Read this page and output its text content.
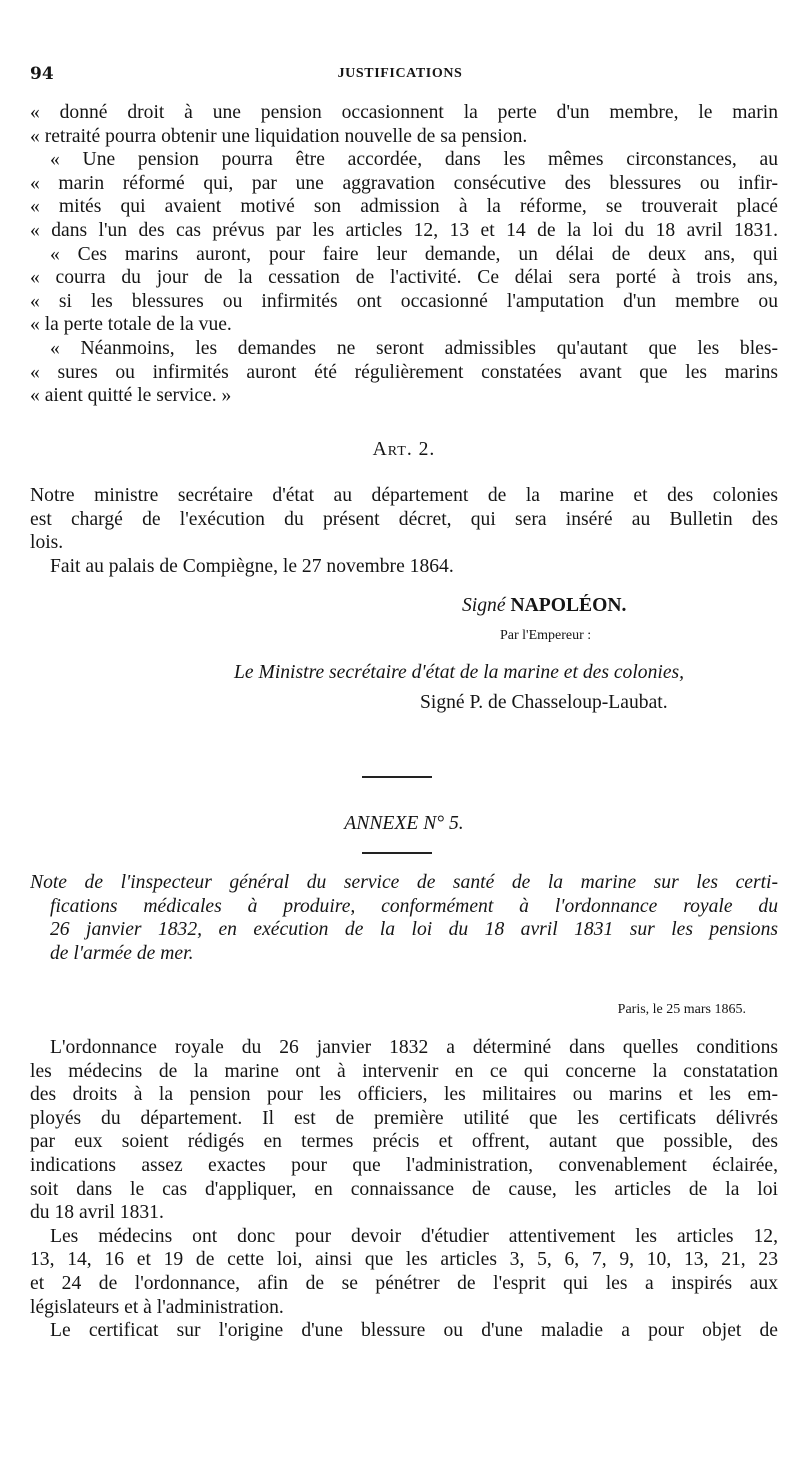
94	JUSTIFICATIONS
« donné droit à une pension occasionnent la perte d'un membre, le marin
« retraité pourra obtenir une liquidation nouvelle de sa pension.
« Une pension pourra être accordée, dans les mêmes circonstances, au
« marin réformé qui, par une aggravation consécutive des blessures ou infir-
« mités qui avaient motivé son admission à la réforme, se trouverait placé
« dans l'un des cas prévus par les articles 12, 13 et 14 de la loi du 18 avril 1831.
« Ces marins auront, pour faire leur demande, un délai de deux ans, qui
« courra du jour de la cessation de l'activité. Ce délai sera porté à trois ans,
« si les blessures ou infirmités ont occasionné l'amputation d'un membre ou
« la perte totale de la vue.
« Néanmoins, les demandes ne seront admissibles qu'autant que les bles-
« sures ou infirmités auront été régulièrement constatées avant que les marins
« aient quitté le service. »
Art. 2.
Notre ministre secrétaire d'état au département de la marine et des colonies
est chargé de l'exécution du présent décret, qui sera inséré au Bulletin des
lois.
Fait au palais de Compiègne, le 27 novembre 1864.
Signé NAPOLÉON.
Par l'Empereur :
Le Ministre secrétaire d'état de la marine et des colonies,
Signé P. de Chasseloup-Laubat.
ANNEXE N° 5.
Note de l'inspecteur général du service de santé de la marine sur les certi-
fications médicales à produire, conformément à l'ordonnance royale du
26 janvier 1832, en exécution de la loi du 18 avril 1831 sur les pensions
de l'armée de mer.
Paris, le 25 mars 1865.
L'ordonnance royale du 26 janvier 1832 a déterminé dans quelles conditions
les médecins de la marine ont à intervenir en ce qui concerne la constatation
des droits à la pension pour les officiers, les militaires ou marins et les em-
ployés du département. Il est de première utilité que les certificats délivrés
par eux soient rédigés en termes précis et offrent, autant que possible, des
indications assez exactes pour que l'administration, convenablement éclairée,
soit dans le cas d'appliquer, en connaissance de cause, les articles de la loi
du 18 avril 1831.
Les médecins ont donc pour devoir d'étudier attentivement les articles 12,
13, 14, 16 et 19 de cette loi, ainsi que les articles 3, 5, 6, 7, 9, 10, 13, 21, 23
et 24 de l'ordonnance, afin de se pénétrer de l'esprit qui les a inspirés aux
législateurs et à l'administration.
Le certificat sur l'origine d'une blessure ou d'une maladie a pour objet de
